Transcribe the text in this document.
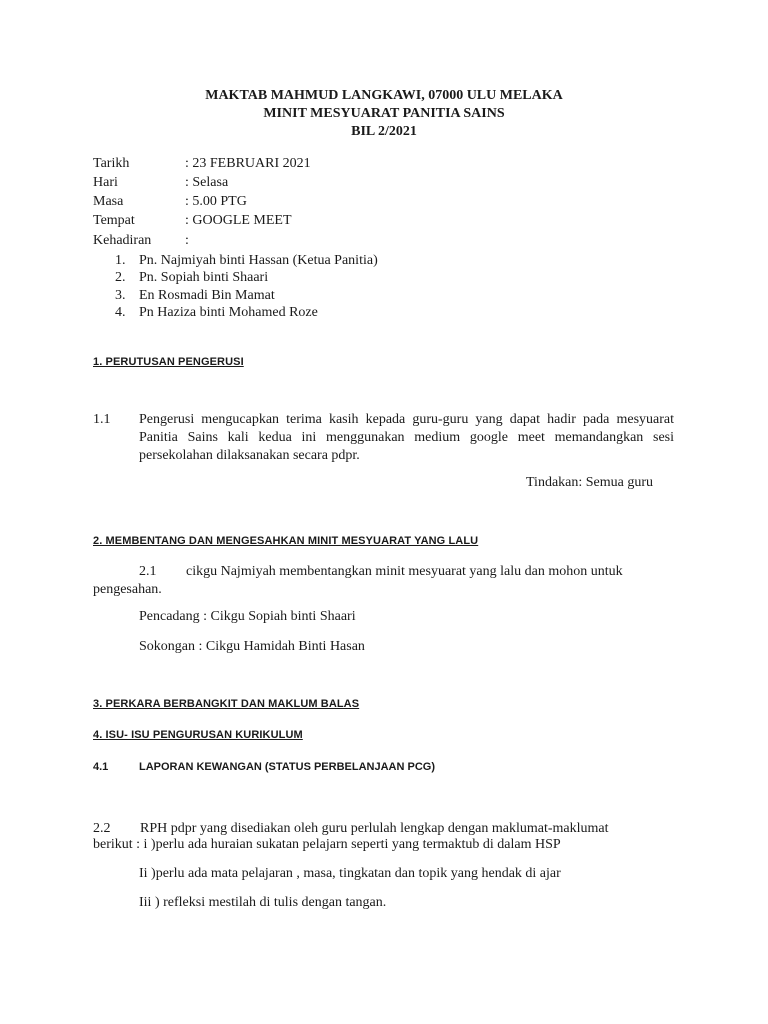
MAKTAB MAHMUD LANGKAWI, 07000 ULU MELAKA
MINIT MESYUARAT PANITIA SAINS
BIL 2/2021
Tarikh	: 23 FEBRUARI 2021
Hari	: Selasa
Masa	: 5.00 PTG
Tempat	: GOOGLE MEET
Kehadiran :
1. Pn. Najmiyah binti Hassan (Ketua Panitia)
2. Pn. Sopiah binti Shaari
3. En Rosmadi Bin Mamat
4. Pn Haziza binti Mohamed Roze
1. PERUTUSAN PENGERUSI
1.1 Pengerusi mengucapkan terima kasih kepada guru-guru yang dapat hadir pada mesyuarat Panitia Sains kali kedua ini menggunakan medium google meet memandangkan sesi persekolahan dilaksanakan secara pdpr.
Tindakan: Semua guru
2. MEMBENTANG DAN MENGESAHKAN MINIT MESYUARAT YANG LALU
2.1 cikgu Najmiyah membentangkan minit mesyuarat yang lalu dan mohon untuk
pengesahan.
Pencadang : Cikgu Sopiah binti Shaari
Sokongan : Cikgu Hamidah Binti Hasan
3. PERKARA BERBANGKIT DAN MAKLUM BALAS
4. ISU- ISU PENGURUSAN KURIKULUM
4.1	LAPORAN KEWANGAN (STATUS PERBELANJAAN PCG)
2.2 RPH pdpr yang disediakan oleh guru perlulah lengkap dengan maklumat-maklumat
berikut : i )perlu ada huraian sukatan pelajarn seperti yang termaktub di dalam HSP
Ii )perlu ada mata pelajaran , masa, tingkatan dan topik yang hendak di ajar
Iii ) refleksi mestilah di tulis dengan tangan.
